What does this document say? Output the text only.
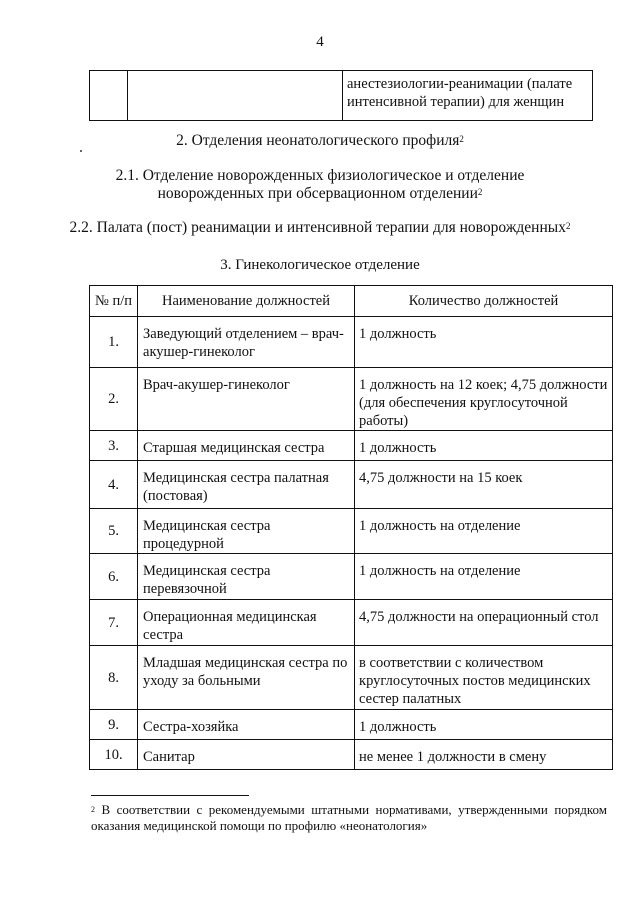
4

анестезиологии-реанимации (палате
интенсивной терапии) для женщин
2. Отделения неонатологического профиля$^2$
2.1. Отделение новорожденных физиологическое и отделение
новорожденных при обсервационном отделении$^2$
2.2. Палата (пост) реанимации и интенсивной терапии для новорожденных$^2$
3. Гинекологическое отделение
№ п/п	Наименование должностей	Количество должностей
1.	Заведующий отделением – врач-акушер-гинеколог	1 должность
2.	Врач-акушер-гинеколог	1 должность на 12 коек; 4,75 должности (для обеспечения круглосуточной работы)
3.	Старшая медицинская сестра	1 должность
4.	Медицинская сестра палатная (постовая)	4,75 должности на 15 коек
5.	Медицинская сестра процедурной	1 должность на отделение
6.	Медицинская сестра перевязочной	1 должность на отделение
7.	Операционная медицинская сестра	4,75 должности на операционный стол
8.	Младшая медицинская сестра по уходу за больными	в соответствии с количеством круглосуточных постов медицинских сестер палатных
9.	Сестра-хозяйка	1 должность
10.	Санитар	не менее 1 должности в смену
$^2$ В соответствии с рекомендуемыми штатными нормативами, утвержденными порядком оказания медицинской помощи по профилю «неонатология»
